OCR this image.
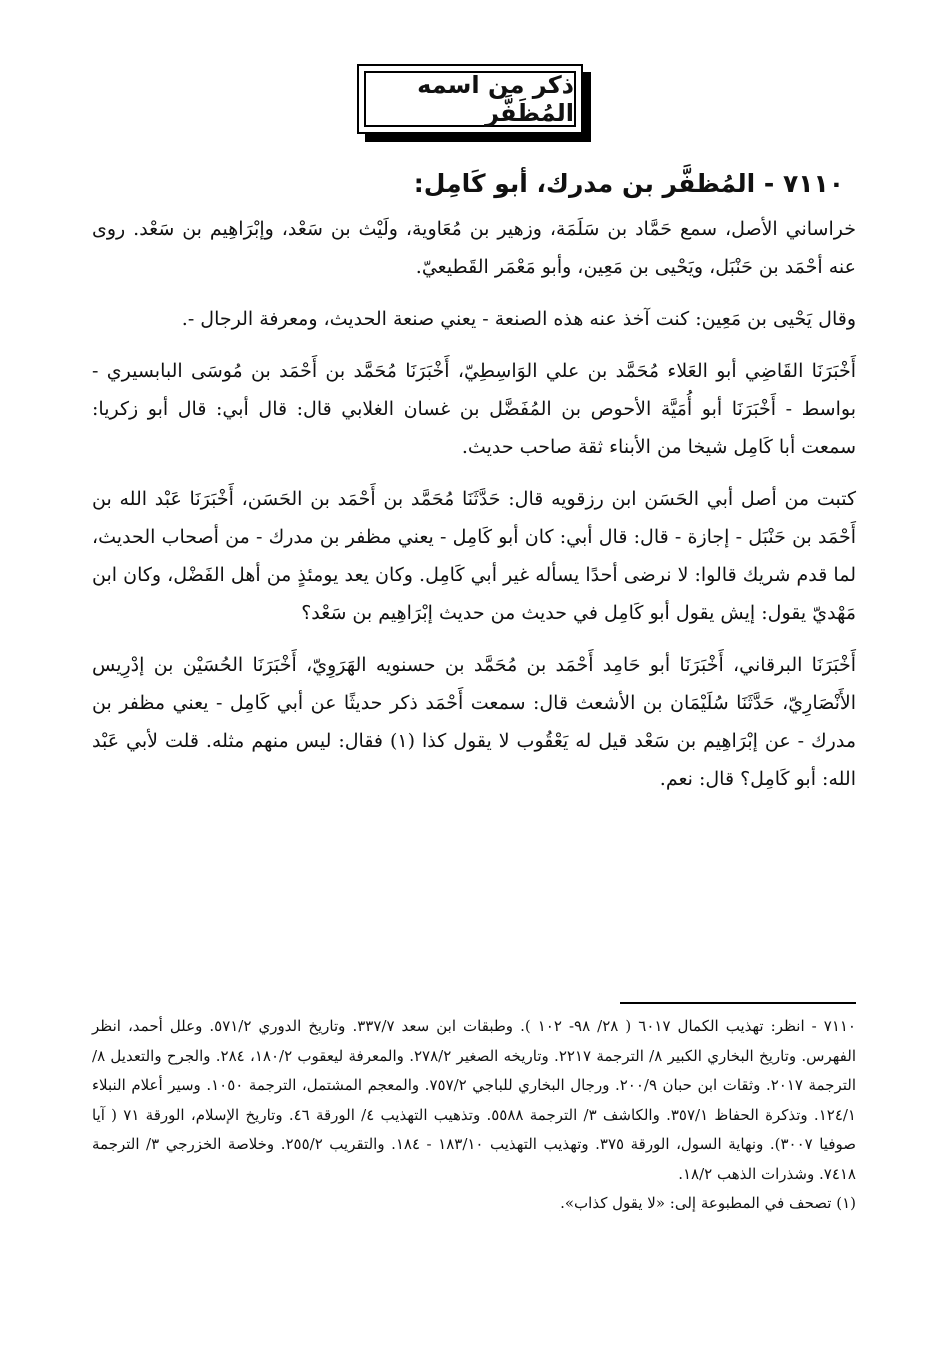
ذكر من اسمه المُظَفَّر
٧١١٠ - المُظفَّر بن مدرك، أبو كَامِل:

خراساني الأصل، سمع حَمَّاد بن سَلَمَة، وزهير بن مُعَاوية، ولَيْث بن سَعْد، وإبْرَاهِيم بن سَعْد. روى عنه أحْمَد بن حَنْبَل، ويَحْيى بن مَعِين، وأبو مَعْمَر القَطيعيّ.

وقال يَحْيى بن مَعِين: كنت آخذ عنه هذه الصنعة - يعني صنعة الحديث، ومعرفة الرجال -.

أَخْبَرَنَا القَاضِي أبو العَلاء مُحَمَّد بن علي الوَاسِطِيّ، أَخْبَرَنَا مُحَمَّد بن أَحْمَد بن مُوسَى البابسيري - بواسط - أَخْبَرَنَا أبو أُمَيَّة الأحوص بن المُفَضَّل بن غسان الغلابي قال: قال أبي: قال أبو زكريا: سمعت أبا كَامِل شيخا من الأبناء ثقة صاحب حديث.

كتبت من أصل أبي الحَسَن ابن رزقويه قال: حَدَّثَنَا مُحَمَّد بن أَحْمَد بن الحَسَن، أَخْبَرَنَا عَبْد الله بن أَحْمَد بن حَنْبَل - إجازة - قال: قال أبي: كان أبو كَامِل - يعني مظفر بن مدرك - من أصحاب الحديث، لما قدم شريك قالوا: لا نرضى أحدًا يسأله غير أبي كَامِل. وكان يعد يومئذٍ من أهل الفَضْل، وكان ابن مَهْديّ يقول: إيش يقول أبو كَامِل في حديث من حديث إبْرَاهِيم بن سَعْد؟

أَخْبَرَنَا البرقاني، أَخْبَرَنَا أبو حَامِد أَحْمَد بن مُحَمَّد بن حسنويه الهَرَوِيّ، أَخْبَرَنَا الحُسَيْن بن إدْرِيس الأَنْصَارِيّ، حَدَّثَنَا سُلَيْمَان بن الأشعث قال: سمعت أَحْمَد ذكر حديثًا عن أبي كَامِل - يعني مظفر بن مدرك - عن إبْرَاهِيم بن سَعْد قيل له يَعْقُوب لا يقول كذا (١) فقال: ليس منهم مثله. قلت لأبي عَبْد الله: أبو كَامِل؟ قال: نعم.

٧١١٠ - انظر: تهذيب الكمال ٦٠١٧ ( ٢٨/ ٩٨- ١٠٢ ). وطبقات ابن سعد ٣٣٧/٧. وتاريخ الدوري ٥٧١/٢. وعلل أحمد، انظر الفهرس. وتاريخ البخاري الكبير ٨/ الترجمة ٢٢١٧. وتاريخه الصغير ٢٧٨/٢. والمعرفة ليعقوب ١٨٠/٢، ٢٨٤. والجرح والتعديل ٨/ الترجمة ٢٠١٧. وثقات ابن حبان ٢٠٠/٩. ورجال البخاري للباجي ٧٥٧/٢. والمعجم المشتمل، الترجمة ١٠٥٠. وسير أعلام النبلاء ١٢٤/١. وتذكرة الحفاظ ٣٥٧/١. والكاشف ٣/ الترجمة ٥٥٨٨. وتذهيب التهذيب ٤/ الورقة ٤٦. وتاريخ الإسلام، الورقة ٧١ ( آيا صوفيا ٣٠٠٧). ونهاية السول، الورقة ٣٧٥. وتهذيب التهذيب ١٨٣/١٠ - ١٨٤. والتقريب ٢٥٥/٢. وخلاصة الخزرجي ٣/ الترجمة ٧٤١٨. وشذرات الذهب ١٨/٢.

(١) تصحف في المطبوعة إلى: «لا يقول كذاب».
